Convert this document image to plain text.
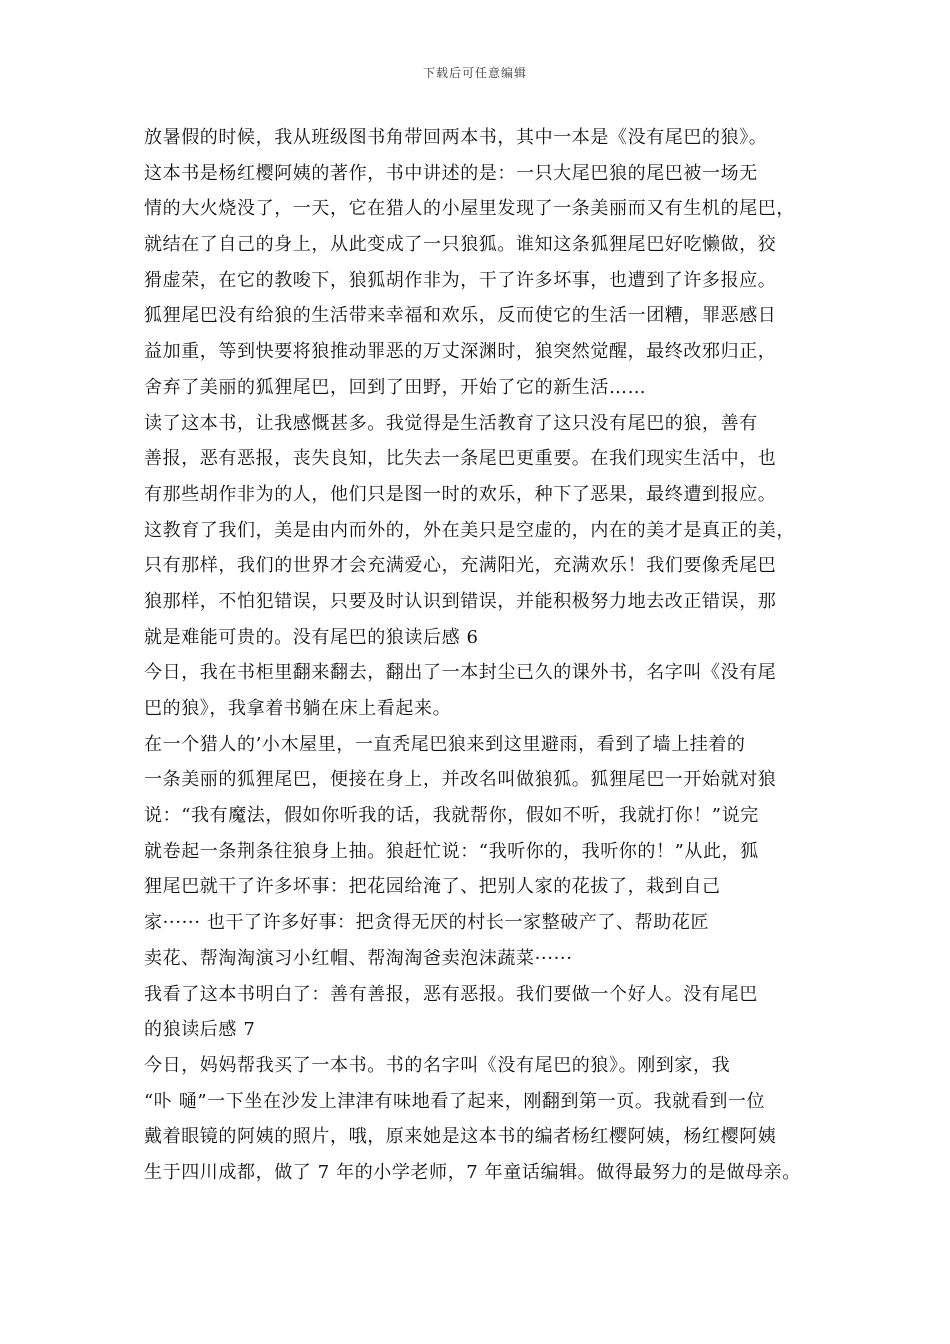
下载后可任意编辑
放暑假的时候，我从班级图书角带回两本书，其中一本是《没有尾巴的狼》。
这本书是杨红樱阿姨的著作，书中讲述的是：一只大尾巴狼的尾巴被一场无
情的大火烧没了，一天，它在猎人的小屋里发现了一条美丽而又有生机的尾巴，
就结在了自己的身上，从此变成了一只狼狐。谁知这条狐狸尾巴好吃懒做，狡
猾虚荣，在它的教唆下，狼狐胡作非为，干了许多坏事，也遭到了许多报应。
狐狸尾巴没有给狼的生活带来幸福和欢乐，反而使它的生活一团糟，罪恶感日
益加重，等到快要将狼推动罪恶的万丈深渊时，狼突然觉醒，最终改邪归正，
舍弃了美丽的狐狸尾巴，回到了田野，开始了它的新生活……
读了这本书，让我感慨甚多。我觉得是生活教育了这只没有尾巴的狼，善有
善报，恶有恶报，丧失良知，比失去一条尾巴更重要。在我们现实生活中，也
有那些胡作非为的人，他们只是图一时的欢乐，种下了恶果，最终遭到报应。
这教育了我们，美是由内而外的，外在美只是空虚的，内在的美才是真正的美，
只有那样，我们的世界才会充满爱心，充满阳光，充满欢乐！我们要像秃尾巴
狼那样，不怕犯错误，只要及时认识到错误，并能积极努力地去改正错误，那
就是难能可贵的。没有尾巴的狼读后感 6
今日，我在书柜里翻来翻去，翻出了一本封尘已久的课外书，名字叫《没有尾
巴的狼》，我拿着书躺在床上看起来。
在一个猎人的’小木屋里，一直秃尾巴狼来到这里避雨，看到了墙上挂着的
一条美丽的狐狸尾巴，便接在身上，并改名叫做狼狐。狐狸尾巴一开始就对狼
说：“我有魔法，假如你听我的话，我就帮你，假如不听，我就打你！”说完
就卷起一条荆条往狼身上抽。狼赶忙说：“我听你的，我听你的！”从此，狐
狸尾巴就干了许多坏事：把花园给淹了、把别人家的花拔了，栽到自己
家······ 也干了许多好事：把贪得无厌的村长一家整破产了、帮助花匠
卖花、帮淘淘演习小红帽、帮淘淘爸卖泡沫蔬菜······
我看了这本书明白了：善有善报，恶有恶报。我们要做一个好人。没有尾巴
的狼读后感 7
今日，妈妈帮我买了一本书。书的名字叫《没有尾巴的狼》。刚到家，我
“卟 嗵”一下坐在沙发上津津有味地看了起来，刚翻到第一页。我就看到一位
戴着眼镜的阿姨的照片，哦，原来她是这本书的编者杨红樱阿姨，杨红樱阿姨
生于四川成都，做了 7 年的小学老师，7 年童话编辑。做得最努力的是做母亲。
